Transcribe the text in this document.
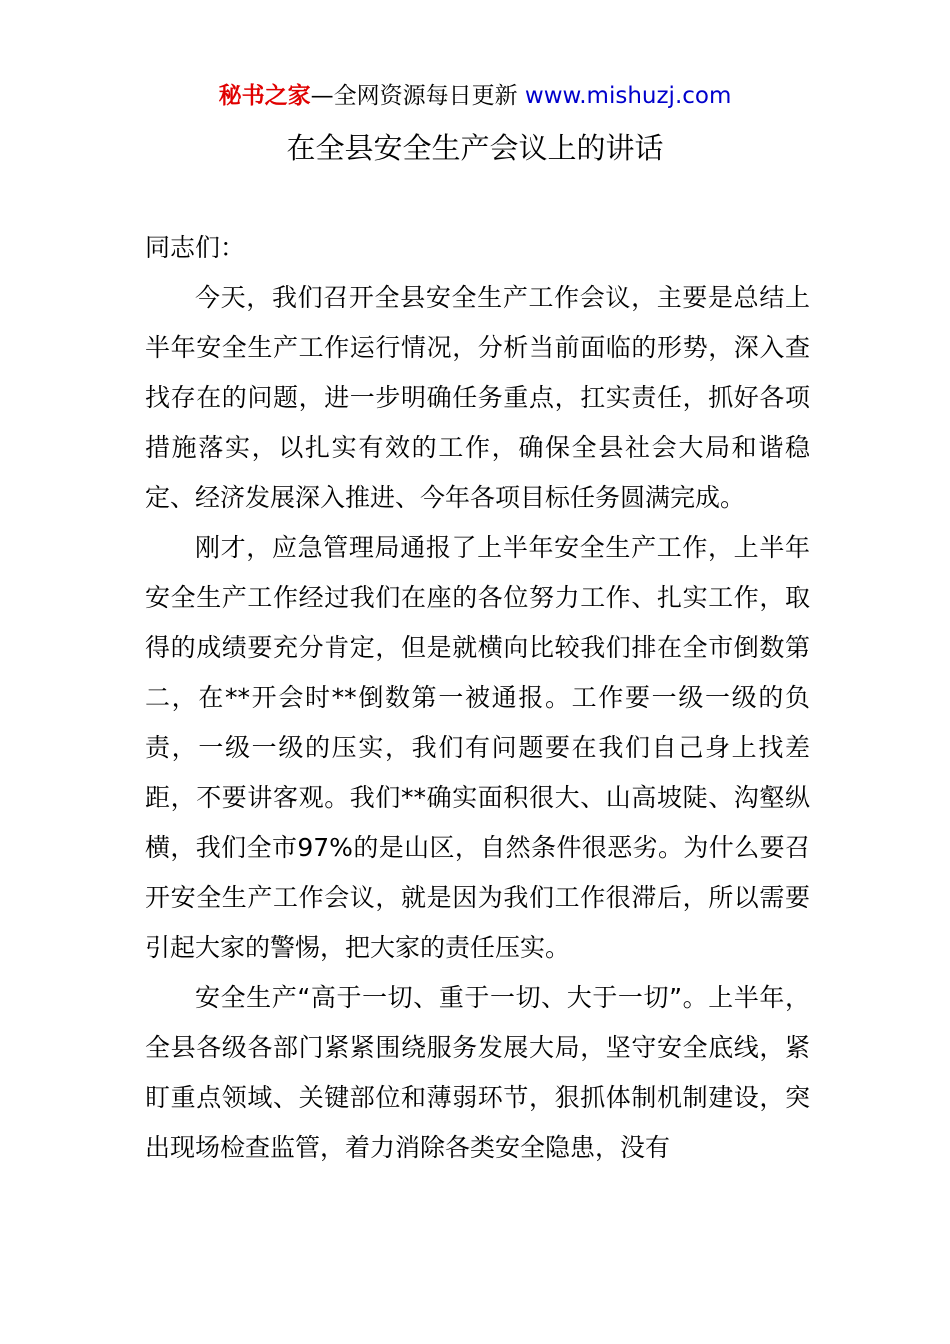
秘书之家—全网资源每日更新 www.mishuzj.com
在全县安全生产会议上的讲话

同志们：

今天，我们召开全县安全生产工作会议，主要是总结上半年安全生产工作运行情况，分析当前面临的形势，深入查找存在的问题，进一步明确任务重点，扛实责任，抓好各项措施落实，以扎实有效的工作，确保全县社会大局和谐稳定、经济发展深入推进、今年各项目标任务圆满完成。

刚才，应急管理局通报了上半年安全生产工作，上半年安全生产工作经过我们在座的各位努力工作、扎实工作，取得的成绩要充分肯定，但是就横向比较我们排在全市倒数第二，在**开会时**倒数第一被通报。工作要一级一级的负责，一级一级的压实，我们有问题要在我们自己身上找差距，不要讲客观。我们**确实面积很大、山高坡陡、沟壑纵横，我们全市97%的是山区，自然条件很恶劣。为什么要召开安全生产工作会议，就是因为我们工作很滞后，所以需要引起大家的警惕，把大家的责任压实。

安全生产“高于一切、重于一切、大于一切”。上半年，全县各级各部门紧紧围绕服务发展大局，坚守安全底线，紧盯重点领域、关键部位和薄弱环节，狠抓体制机制建设，突出现场检查监管，着力消除各类安全隐患，没有
